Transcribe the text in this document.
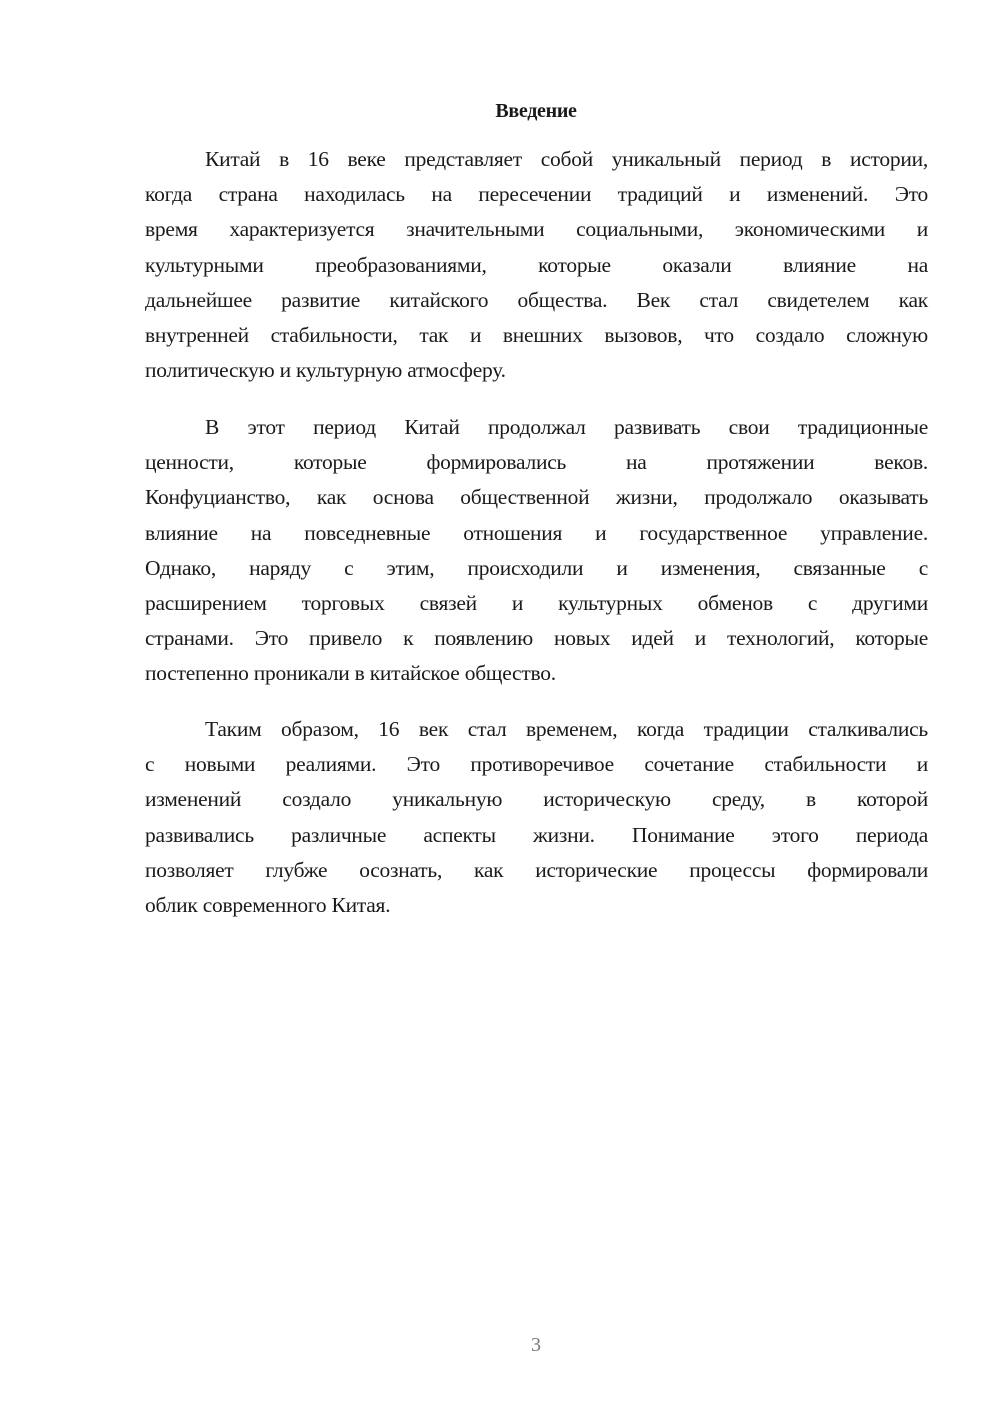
Введение
Китай в 16 веке представляет собой уникальный период в истории,
когда страна находилась на пересечении традиций и изменений. Это
время характеризуется значительными социальными, экономическими и
культурными преобразованиями, которые оказали влияние на
дальнейшее развитие китайского общества. Век стал свидетелем как
внутренней стабильности, так и внешних вызовов, что создало сложную
политическую и культурную атмосферу.
В этот период Китай продолжал развивать свои традиционные
ценности, которые формировались на протяжении веков.
Конфуцианство, как основа общественной жизни, продолжало оказывать
влияние на повседневные отношения и государственное управление.
Однако, наряду с этим, происходили и изменения, связанные с
расширением торговых связей и культурных обменов с другими
странами. Это привело к появлению новых идей и технологий, которые
постепенно проникали в китайское общество.
Таким образом, 16 век стал временем, когда традиции сталкивались
с новыми реалиями. Это противоречивое сочетание стабильности и
изменений создало уникальную историческую среду, в которой
развивались различные аспекты жизни. Понимание этого периода
позволяет глубже осознать, как исторические процессы формировали
облик современного Китая.
3
